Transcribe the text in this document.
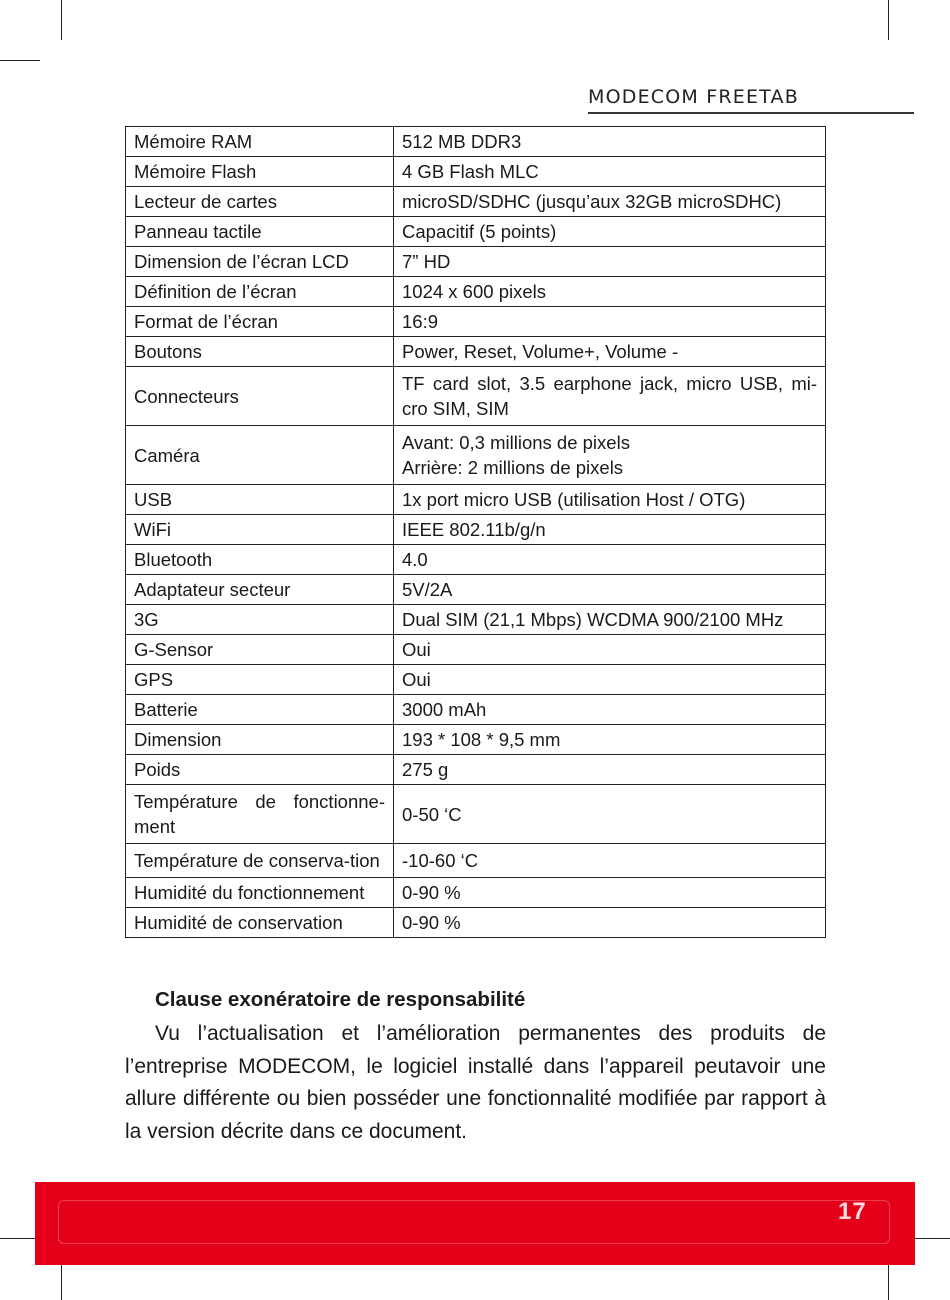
MODECOM FREETAB
Mémoire RAM	512 MB DDR3
Mémoire Flash	4 GB Flash MLC
Lecteur de cartes	microSD/SDHC (jusqu’aux 32GB microSDHC)
Panneau tactile	Capacitif (5 points)
Dimension de l’écran LCD	7” HD
Définition de l’écran	1024 x 600 pixels
Format de l’écran	16:9
Boutons	Power, Reset, Volume+, Volume -
Connecteurs	TF card slot, 3.5 earphone jack, micro USB, mi-cro SIM, SIM
Caméra	Avant: 0,3 millions de pixels Arrière: 2 millions de pixels
USB	1x port micro USB (utilisation Host / OTG)
WiFi	IEEE 802.11b/g/n
Bluetooth	4.0
Adaptateur secteur	5V/2A
3G	Dual SIM (21,1 Mbps) WCDMA 900/2100 MHz
G-Sensor	Oui
GPS	Oui
Batterie	3000 mAh
Dimension	193 * 108 * 9,5 mm
Poids	275 g
Température de fonctionne-ment	0-50 ‘C
Température de conserva-tion	-10-60 ‘C
Humidité du fonctionnement	0-90 %
Humidité de conservation	0-90 %
Clause exonératoire de responsabilité
Vu l’actualisation et l’amélioration permanentes des produits de l’entreprise MODECOM, le logiciel installé dans l’appareil peutavoir une allure différente ou bien posséder une fonctionnalité modifiée par rapport à la version décrite dans ce document.
17
